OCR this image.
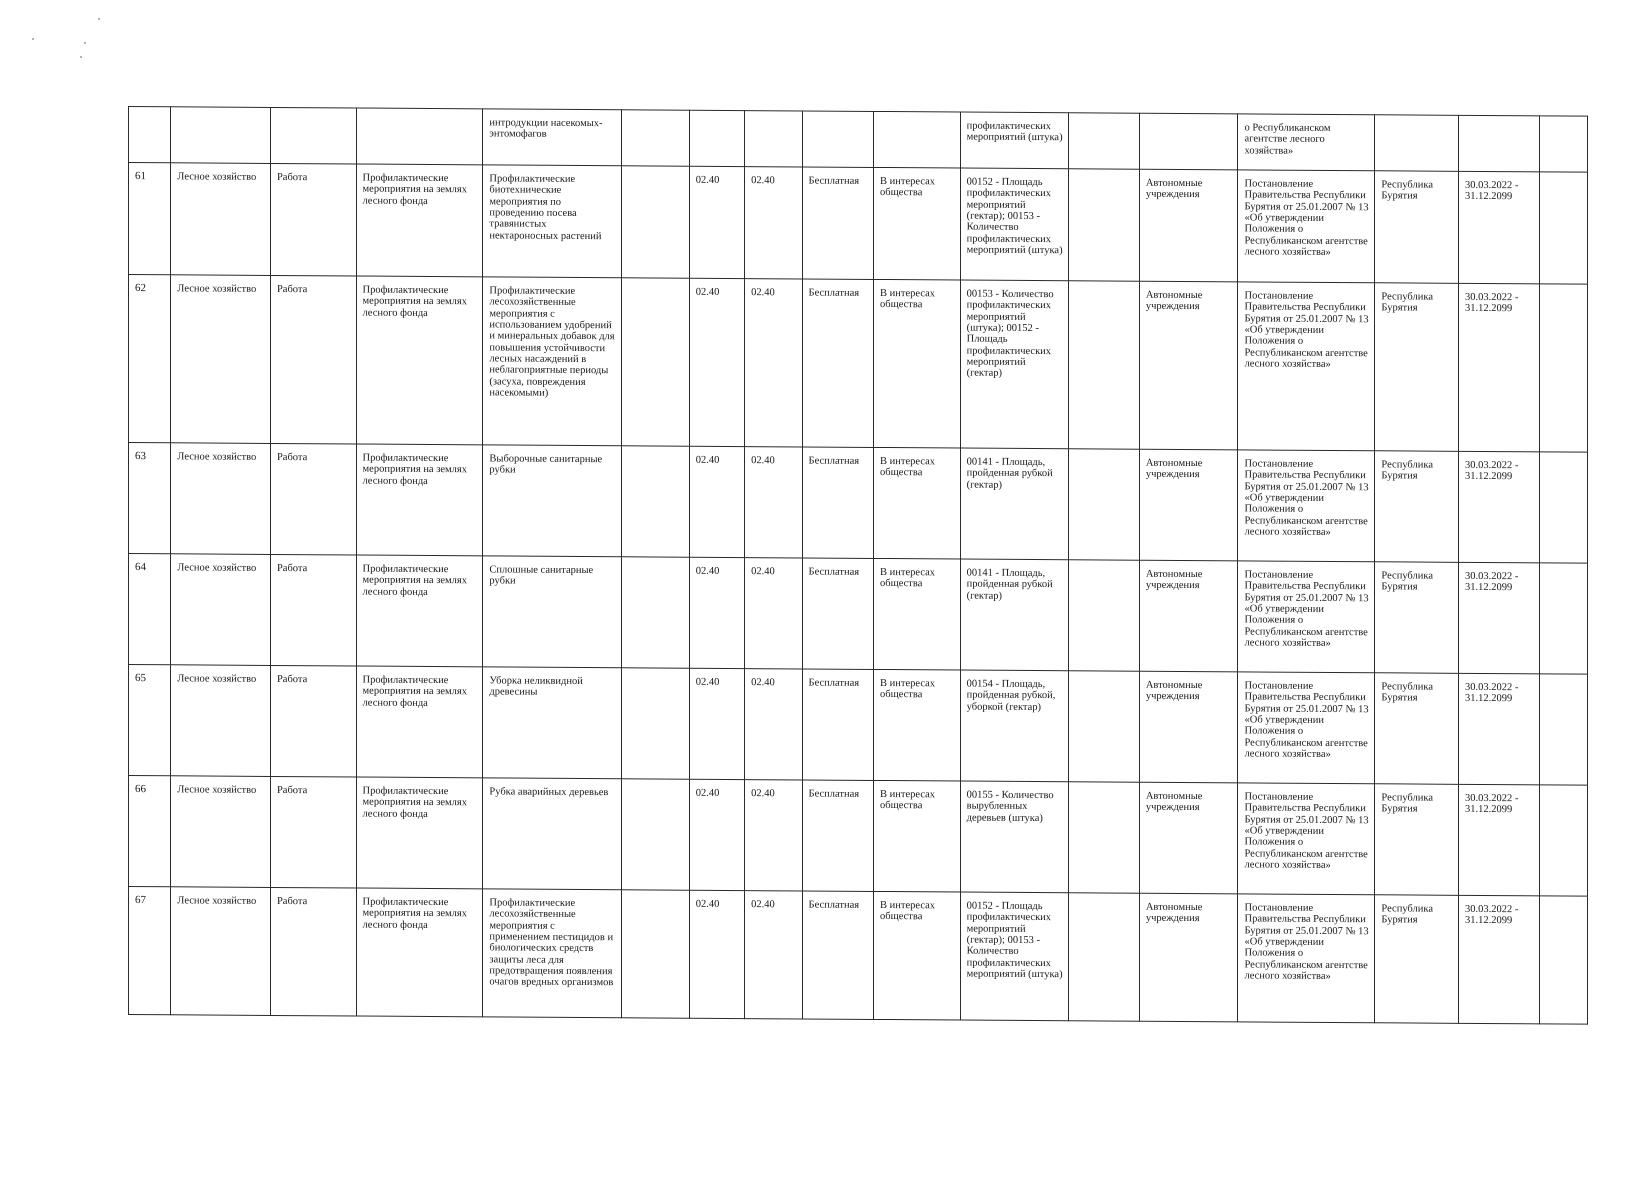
				интродукции насекомых-энтомофагов						профилактических мероприятий (штука)			о Республиканском агентстве лесного хозяйства»			
61	Лесное хозяйство	Работа	Профилактические мероприятия на землях лесного фонда	Профилактические биотехнические мероприятия по проведению посева травянистых нектароносных растений		02.40	02.40	Бесплатная	В интересах общества	00152 - Площадь профилактических мероприятий (гектар); 00153 - Количество профилактических мероприятий (штука)		Автономные учреждения	Постановление Правительства Республики Бурятия от 25.01.2007 № 13 «Об утверждении Положения о Республиканском агентстве лесного хозяйства»	Республика Бурятия	30.03.2022 - 31.12.2099	
62	Лесное хозяйство	Работа	Профилактические мероприятия на землях лесного фонда	Профилактические лесохозяйственные мероприятия с использованием удобрений и минеральных добавок для повышения устойчивости лесных насаждений в неблагоприятные периоды (засуха, повреждения насекомыми)		02.40	02.40	Бесплатная	В интересах общества	00153 - Количество профилактических мероприятий (штука); 00152 - Площадь профилактических мероприятий (гектар)		Автономные учреждения	Постановление Правительства Республики Бурятия от 25.01.2007 № 13 «Об утверждении Положения о Республиканском агентстве лесного хозяйства»	Республика Бурятия	30.03.2022 - 31.12.2099	
63	Лесное хозяйство	Работа	Профилактические мероприятия на землях лесного фонда	Выборочные санитарные рубки		02.40	02.40	Бесплатная	В интересах общества	00141 - Площадь, пройденная рубкой (гектар)		Автономные учреждения	Постановление Правительства Республики Бурятия от 25.01.2007 № 13 «Об утверждении Положения о Республиканском агентстве лесного хозяйства»	Республика Бурятия	30.03.2022 - 31.12.2099	
64	Лесное хозяйство	Работа	Профилактические мероприятия на землях лесного фонда	Сплошные санитарные рубки		02.40	02.40	Бесплатная	В интересах общества	00141 - Площадь, пройденная рубкой (гектар)		Автономные учреждения	Постановление Правительства Республики Бурятия от 25.01.2007 № 13 «Об утверждении Положения о Республиканском агентстве лесного хозяйства»	Республика Бурятия	30.03.2022 - 31.12.2099	
65	Лесное хозяйство	Работа	Профилактические мероприятия на землях лесного фонда	Уборка неликвидной древесины		02.40	02.40	Бесплатная	В интересах общества	00154 - Площадь, пройденная рубкой, уборкой (гектар)		Автономные учреждения	Постановление Правительства Республики Бурятия от 25.01.2007 № 13 «Об утверждении Положения о Республиканском агентстве лесного хозяйства»	Республика Бурятия	30.03.2022 - 31.12.2099	
66	Лесное хозяйство	Работа	Профилактические мероприятия на землях лесного фонда	Рубка аварийных деревьев		02.40	02.40	Бесплатная	В интересах общества	00155 - Количество вырубленных деревьев (штука)		Автономные учреждения	Постановление Правительства Республики Бурятия от 25.01.2007 № 13 «Об утверждении Положения о Республиканском агентстве лесного хозяйства»	Республика Бурятия	30.03.2022 - 31.12.2099	
67	Лесное хозяйство	Работа	Профилактические мероприятия на землях лесного фонда	Профилактические лесохозяйственные мероприятия с применением пестицидов и биологических средств защиты леса для предотвращения появления очагов вредных организмов		02.40	02.40	Бесплатная	В интересах общества	00152 - Площадь профилактических мероприятий (гектар); 00153 - Количество профилактических мероприятий (штука)		Автономные учреждения	Постановление Правительства Республики Бурятия от 25.01.2007 № 13 «Об утверждении Положения о Республиканском агентстве лесного хозяйства»	Республика Бурятия	30.03.2022 - 31.12.2099	
